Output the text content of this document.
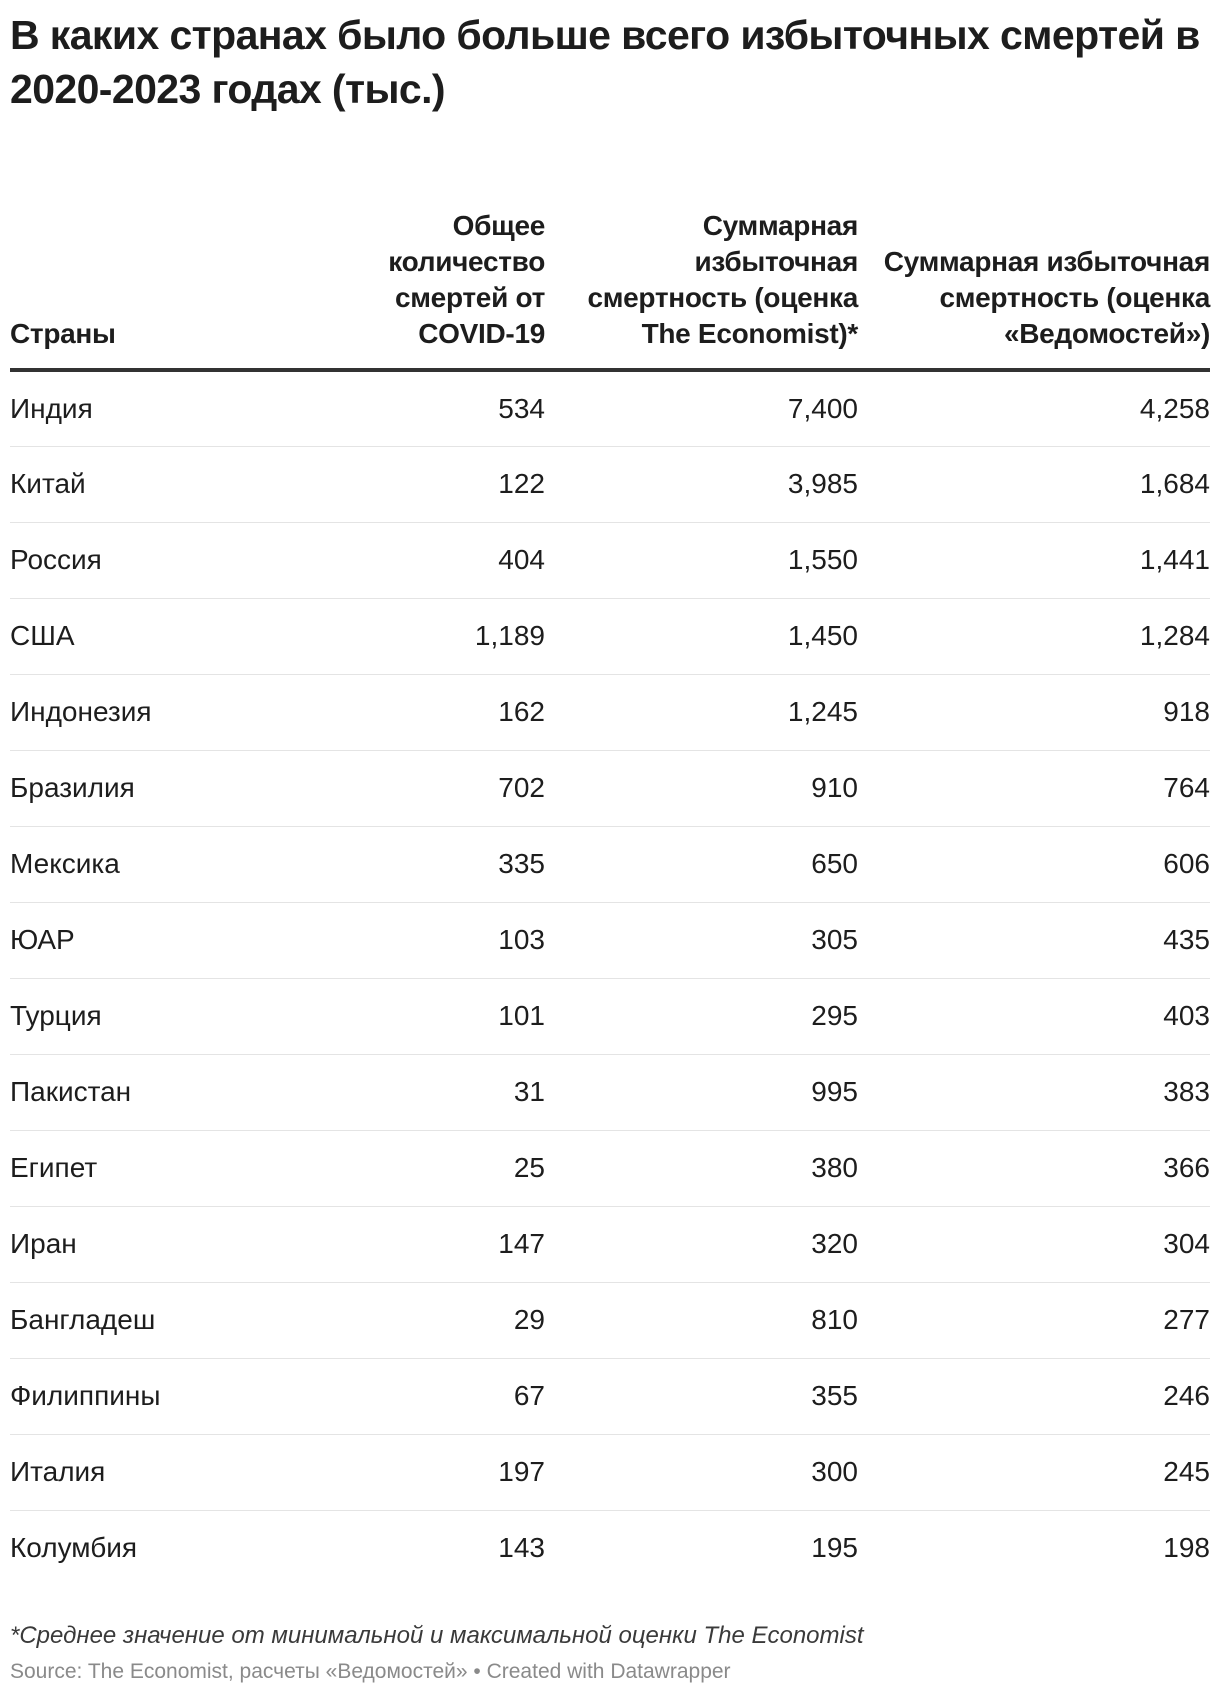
В каких странах было больше всего избыточных смертей в 2020-2023 годах (тыс.)
Страны	Общее количество смертей от COVID-19	Суммарная избыточная смертность (оценка The Economist)*	Суммарная избыточная смертность (оценка «Ведомостей»)
Индия	534	7,400	4,258
Китай	122	3,985	1,684
Россия	404	1,550	1,441
США	1,189	1,450	1,284
Индонезия	162	1,245	918
Бразилия	702	910	764
Мексика	335	650	606
ЮАР	103	305	435
Турция	101	295	403
Пакистан	31	995	383
Египет	25	380	366
Иран	147	320	304
Бангладеш	29	810	277
Филиппины	67	355	246
Италия	197	300	245
Колумбия	143	195	198

*Среднее значение от минимальной и максимальной оценки The Economist

Source: The Economist, расчеты «Ведомостей» • Created with Datawrapper
